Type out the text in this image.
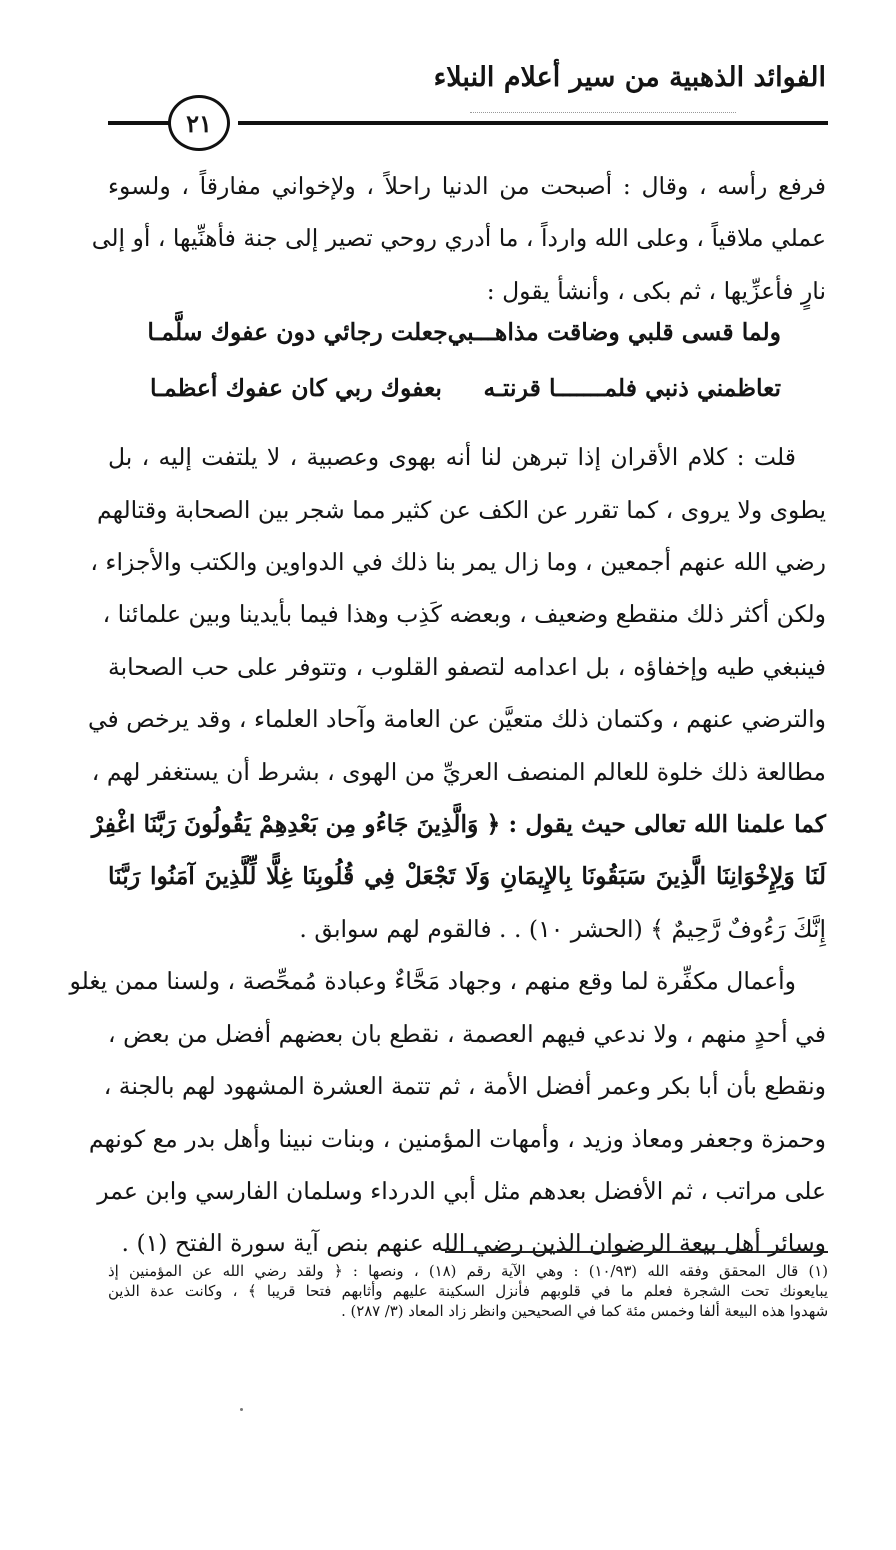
الفوائد الذهبية من سير أعلام النبلاء
٢١

فرفع رأسه ، وقال : أصبحت من الدنيا راحلاً ، ولإخواني مفارقاً ، ولسوء
عملي ملاقياً ، وعلى الله وارداً ، ما أدري روحي تصير إلى جنة فأهنِّيها ، أو إلى
نارٍ فأعزِّيها ، ثم بكى ، وأنشأ يقول :

قلت : كلام الأقران إذا تبرهن لنا أنه بهوى وعصبية ، لا يلتفت إليه ، بل
يطوى ولا يروى ، كما تقرر عن الكف عن كثير مما شجر بين الصحابة وقتالهم
رضي الله عنهم أجمعين ، وما زال يمر بنا ذلك في الدواوين والكتب والأجزاء ،
ولكن أكثر ذلك منقطع وضعيف ، وبعضه كَذِب وهذا فيما بأيدينا وبين علمائنا ،
فينبغي طيه وإخفاؤه ، بل اعدامه لتصفو القلوب ، وتتوفر على حب الصحابة
والترضي عنهم ، وكتمان ذلك متعيَّن عن العامة وآحاد العلماء ، وقد يرخص في
مطالعة ذلك خلوة للعالم المنصف العريِّ من الهوى ، بشرط أن يستغفر لهم ،
كما علمنا الله تعالى حيث يقول : ﴿ وَالَّذِينَ جَاءُو مِن بَعْدِهِمْ يَقُولُونَ رَبَّنَا اغْفِرْ
لَنَا وَلِإِخْوَانِنَا الَّذِينَ سَبَقُونَا بِالإِيمَانِ وَلَا تَجْعَلْ فِي قُلُوبِنَا غِلًّا لِّلَّذِينَ آمَنُوا رَبَّنَا
إِنَّكَ رَءُوفٌ رَّحِيمٌ ﴾ (الحشر ١٠) . . فالقوم لهم سوابق .

وأعمال مكفِّرة لما وقع منهم ، وجهاد مَحَّاءٌ وعبادة مُمحِّصة ، ولسنا ممن يغلو
في أحدٍ منهم ، ولا ندعي فيهم العصمة ، نقطع بان بعضهم أفضل من بعض ،
ونقطع بأن أبا بكر وعمر أفضل الأمة ، ثم تتمة العشرة المشهود لهم بالجنة ،
وحمزة وجعفر ومعاذ وزيد ، وأمهات المؤمنين ، وبنات نبينا وأهل بدر مع كونهم
على مراتب ، ثم الأفضل بعدهم مثل أبي الدرداء وسلمان الفارسي وابن عمر
وسائر أهل بيعة الرضوان الذين رضي الله عنهم بنص آية سورة الفتح (١) .

ولما قسى قلبي وضاقت مذاهـــبي
جعلت رجائي دون عفوك سلَّمـا
تعاظمني ذنبي فلمـــــــا قرنتـه
بعفوك ربي كان عفوك أعظمـا
(١) قال المحقق وفقه الله (١٠/٩٣) : وهي الآية رقم (١٨) ، ونصها : ﴿ ولقد رضي الله عن المؤمنين إذ
يبايعونك تحت الشجرة فعلم ما في قلوبهم فأنزل السكينة عليهم وأثابهم فتحا قريبا ﴾ ، وكانت عدة الذين
شهدوا هذه البيعة ألفا وخمس مئة كما في الصحيحين وانظر زاد المعاد (٣/ ٢٨٧) .
